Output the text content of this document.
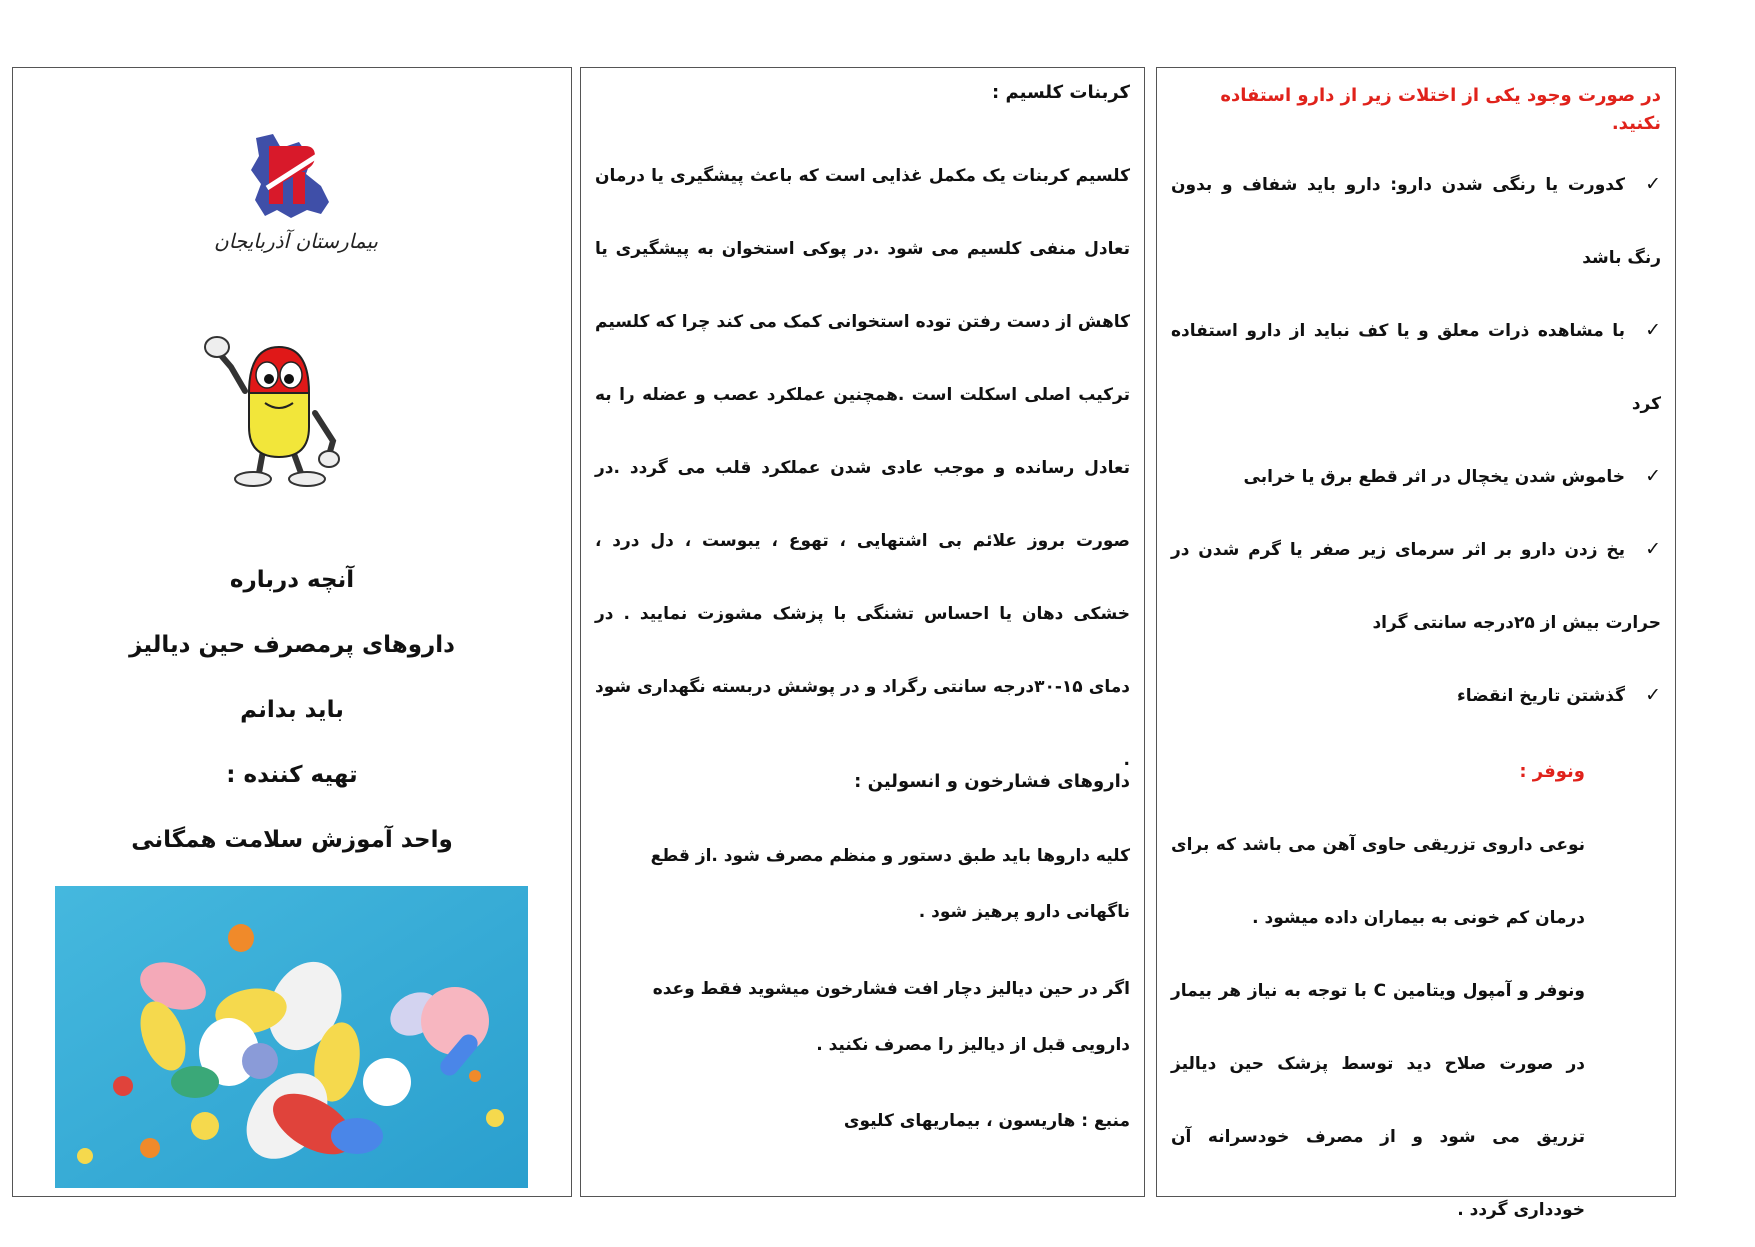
در صورت وجود یکی از اختلات زیر از دارو استفاده نکنید.
✓کدورت یا رنگی شدن دارو: دارو باید شفاف و بدون رنگ باشد
✓با مشاهده ذرات معلق و یا کف نباید از دارو استفاده کرد
✓خاموش شدن یخچال در اثر قطع برق یا خرابی
✓یخ زدن دارو بر اثر سرمای زیر صفر یا گرم شدن در حرارت بیش از ۲۵درجه سانتی گراد
✓گذشتن تاریخ انقضاء
ونوفر :
نوعی داروی تزریقی حاوی آهن می باشد که برای درمان کم خونی به بیماران داده میشود .
ونوفر و آمپول ویتامین C با توجه به نیاز هر بیمار در صورت صلاح دید توسط پزشک حین دیالیز تزریق می شود و از مصرف خودسرانه آن خودداری گردد .
کربنات کلسیم :
کلسیم کربنات یک مکمل غذایی است که باعث پیشگیری یا درمان تعادل منفی کلسیم می شود .در پوکی استخوان به پیشگیری یا کاهش از دست رفتن توده استخوانی کمک می کند چرا که کلسیم ترکیب اصلی اسکلت است .همچنین عملکرد عصب و عضله را به تعادل رسانده و موجب عادی شدن عملکرد قلب می گردد .در صورت بروز علائم بی اشتهایی ، تهوع ، یبوست ، دل درد ، خشکی دهان یا احساس تشنگی با پزشک مشوزت نمایید . در دمای ۱۵-۳۰درجه سانتی رگراد و در پوشش دربسته نگهداری شود .
داروهای فشارخون و انسولین :
کلیه داروها باید طبق دستور و منظم مصرف شود .از قطع ناگهانی دارو پرهیز شود .
اگر در حین دیالیز دچار افت فشارخون میشوید فقط وعده دارویی قبل از دیالیز را مصرف نکنید .
منبع : هاریسون ، بیماریهای کلیوی
بیمارستان آذربایجان
آنچه درباره
داروهای پرمصرف حین دیالیز
باید بدانم
تهیه کننده :
واحد آموزش سلامت همگانی
